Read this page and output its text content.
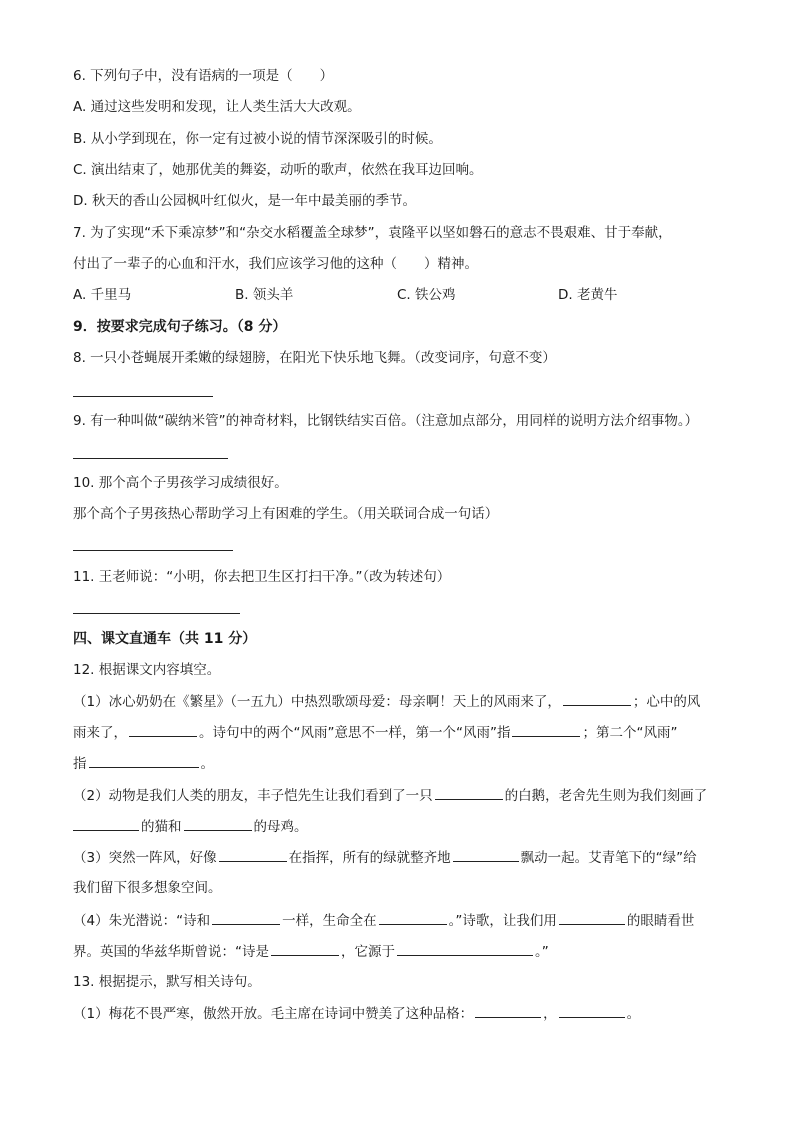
6. 下列句子中，没有语病的一项是（　　）

A. 通过这些发明和发现，让人类生活大大改观。

B. 从小学到现在，你一定有过被小说的情节深深吸引的时候。

C. 演出结束了，她那优美的舞姿，动听的歌声，依然在我耳边回响。

D. 秋天的香山公园枫叶红似火，是一年中最美丽的季节。

7. 为了实现“禾下乘凉梦”和“杂交水稻覆盖全球梦”，袁隆平以坚如磐石的意志不畏艰难、甘于奉献，

付出了一辈子的心血和汗水，我们应该学习他的这种（　　）精神。

A. 千里马	B. 领头羊	C. 铁公鸡	D. 老黄牛

9．按要求完成句子练习。（8 分）

8. 一只小苍蝇展开柔嫩的绿翅膀，在阳光下快乐地飞舞。（改变词序，句意不变）

9. 有一种叫做“碳纳米管”的神奇材料，比钢铁结实百倍。（注意加点部分，用同样的说明方法介绍事物。）

10. 那个高个子男孩学习成绩很好。

那个高个子男孩热心帮助学习上有困难的学生。（用关联词合成一句话）

11. 王老师说：“小明，你去把卫生区打扫干净。”（改为转述句）

四、课文直通车（共 11 分）

12. 根据课文内容填空。

（1）冰心奶奶在《繁星》（一五九）中热烈歌颂母爱：母亲啊！天上的风雨来了，	；心中的风

雨来了，	。诗句中的两个“风雨”意思不一样，第一个“风雨”指	；第二个“风雨”

指	。

（2）动物是我们人类的朋友，丰子恺先生让我们看到了一只	的白鹅，老舍先生则为我们刻画了

的猫和	的母鸡。

（3）突然一阵风，好像	在指挥，所有的绿就整齐地	飘动一起。艾青笔下的“绿”给

我们留下很多想象空间。

（4）朱光潜说：“诗和	一样，生命全在	。”诗歌，让我们用	的眼睛看世

界。英国的华兹华斯曾说：“诗是	，它源于	。”

13. 根据提示，默写相关诗句。

（1）梅花不畏严寒，傲然开放。毛主席在诗词中赞美了这种品格：	，	。
